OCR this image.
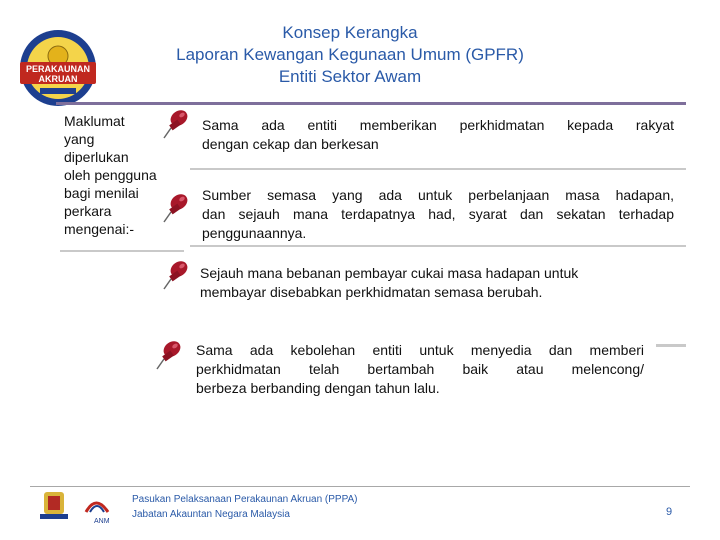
PERAKAUNAN
AKRUAN
Konsep Kerangka
Laporan Kewangan Kegunaan Umum (GPFR)
Entiti Sektor Awam
Maklumat
yang
diperlukan
oleh pengguna
bagi menilai
perkara
mengenai:-
Sama ada entiti memberikan perkhidmatan kepada rakyat
dengan cekap dan berkesan
Sumber semasa yang ada untuk perbelanjaan masa hadapan,
dan sejauh mana terdapatnya had, syarat dan sekatan terhadap
penggunaannya.
Sejauh mana bebanan pembayar cukai masa hadapan untuk
membayar disebabkan perkhidmatan semasa berubah.
Sama ada kebolehan entiti untuk menyedia dan memberi
perkhidmatan telah bertambah baik atau melencong/
berbeza berbanding dengan tahun lalu.
ANM
Pasukan Pelaksanaan Perakaunan Akruan (PPPA)
Jabatan Akauntan Negara Malaysia	9
